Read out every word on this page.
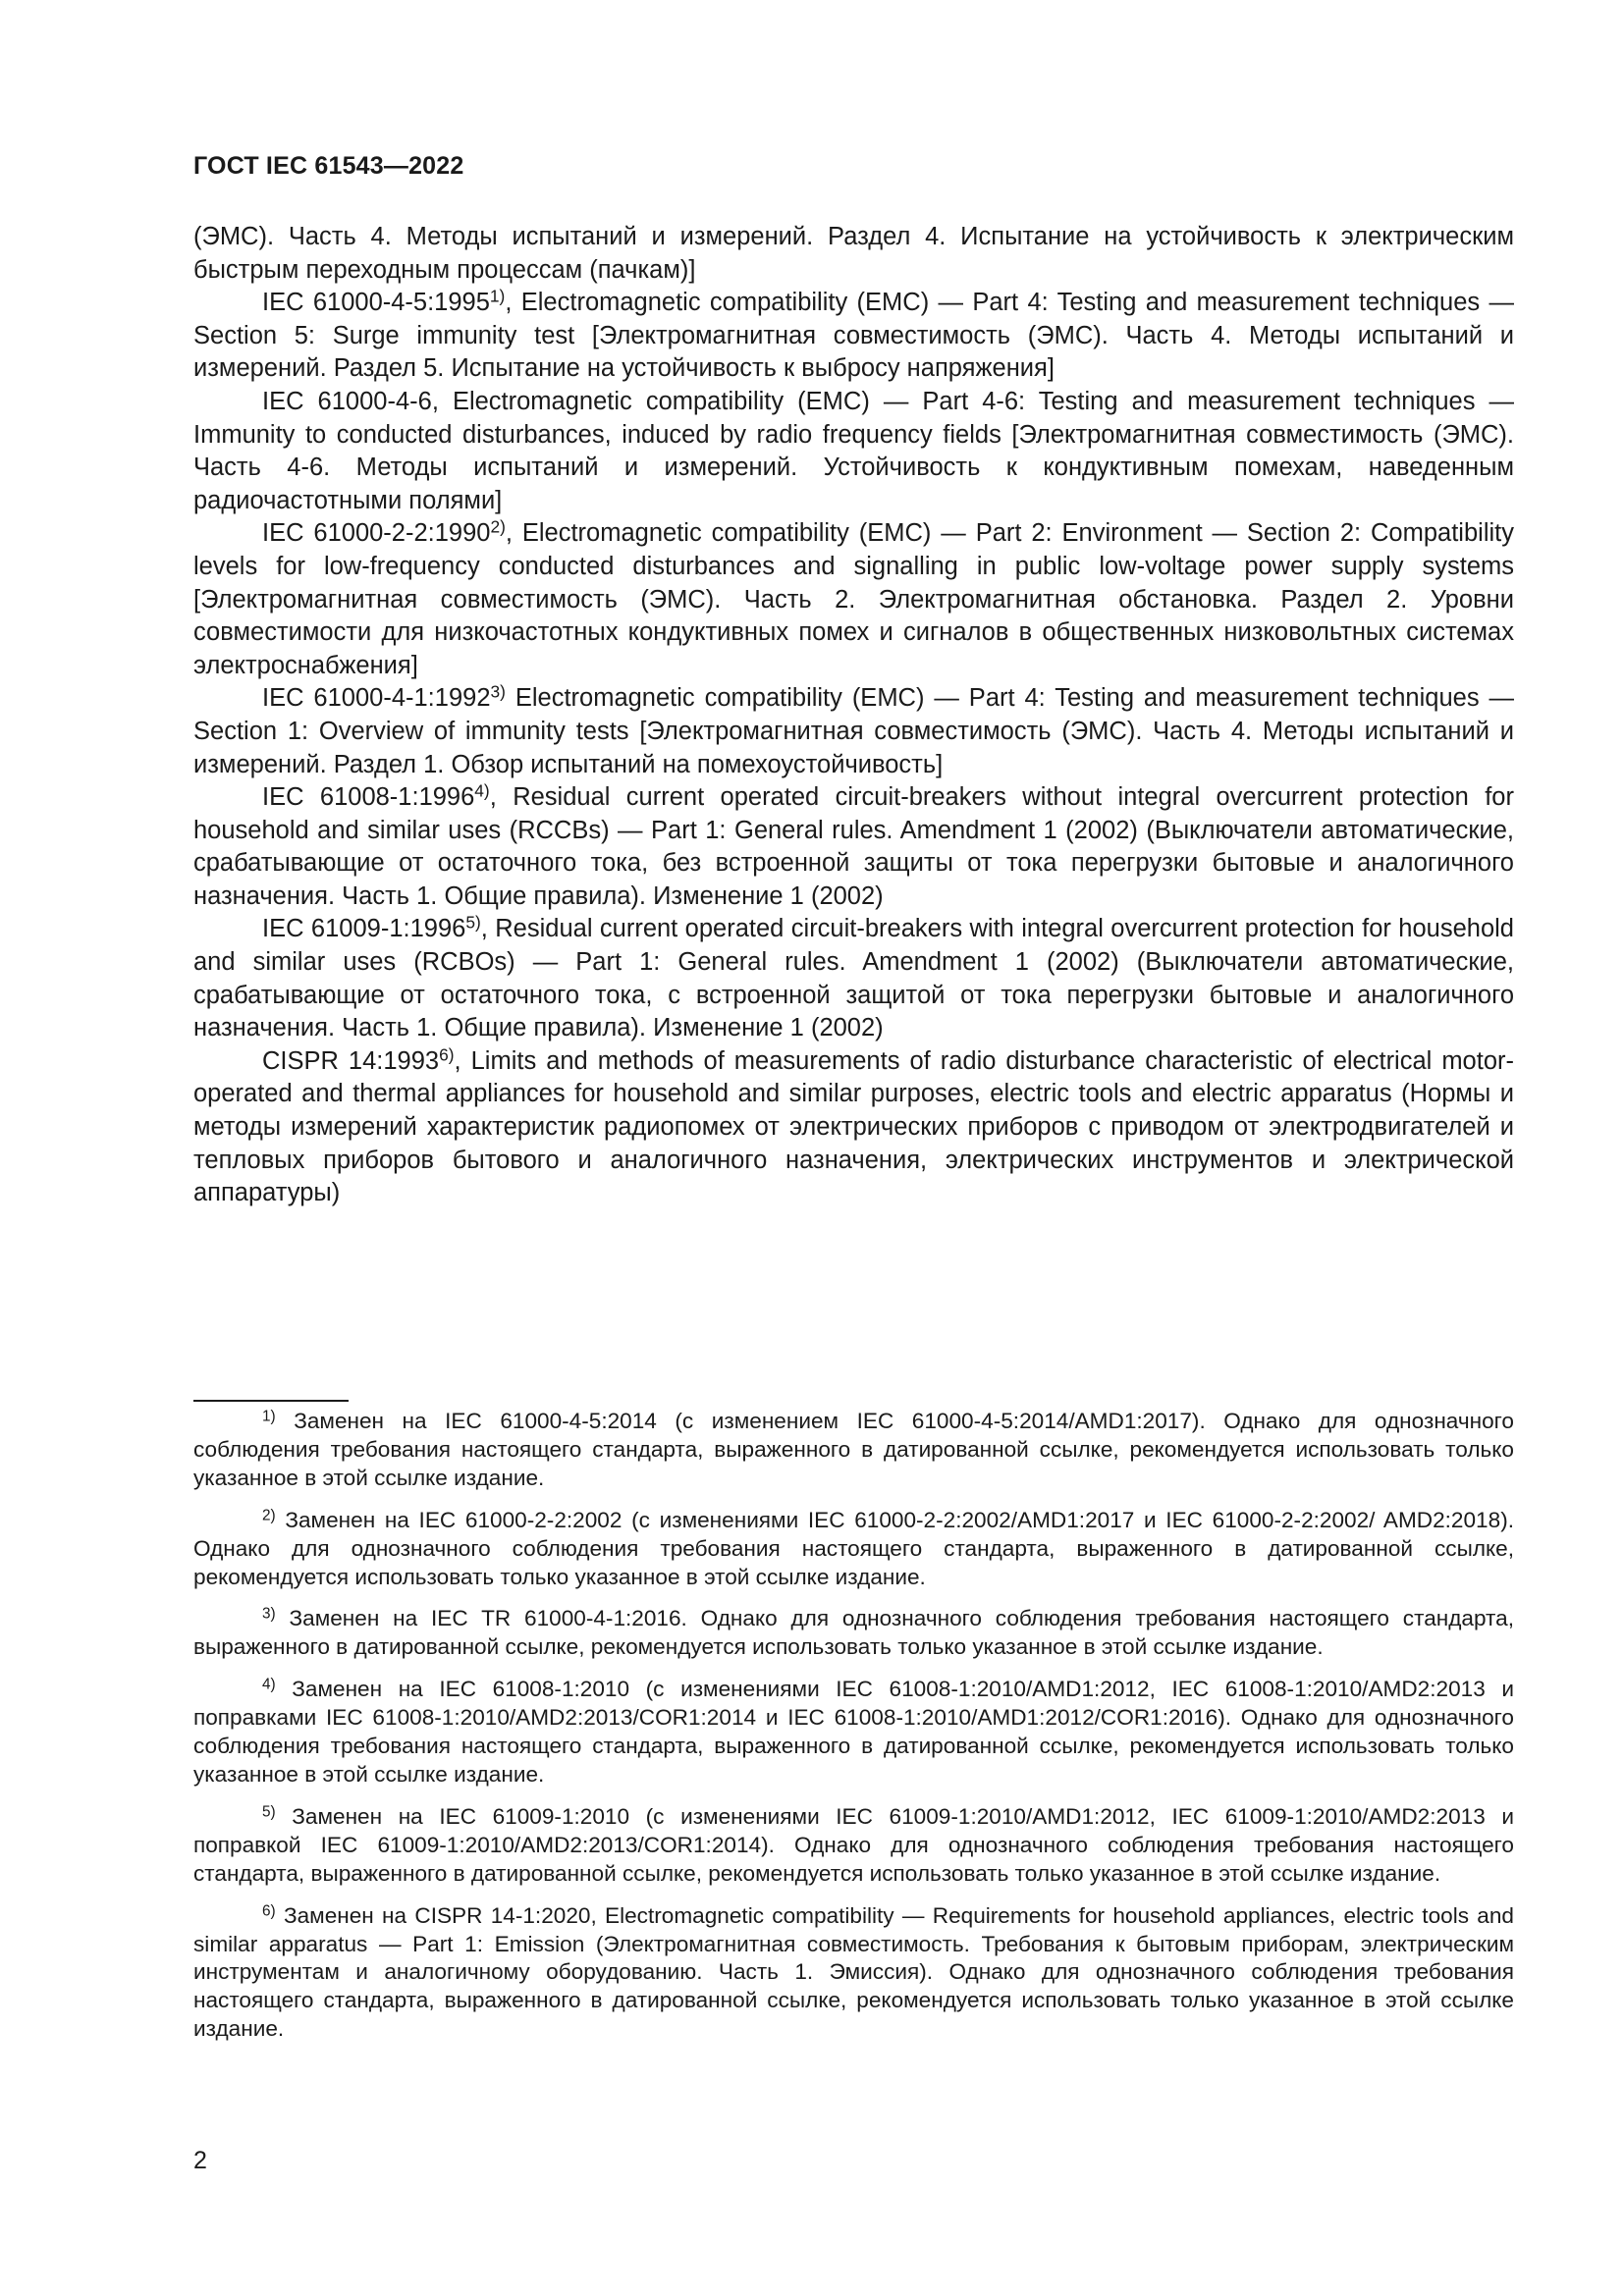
ГОСТ IEC 61543—2022

(ЭМС). Часть 4. Методы испытаний и измерений. Раздел 4. Испытание на устойчивость к электрическим быстрым переходным процессам (пачкам)]

IEC 61000-4-5:1995$^{1)}$, Electromagnetic compatibility (EMC) — Part 4: Testing and measurement techniques — Section 5: Surge immunity test [Электромагнитная совместимость (ЭМС). Часть 4. Методы испытаний и измерений. Раздел 5. Испытание на устойчивость к выбросу напряжения]

IEC 61000-4-6, Electromagnetic compatibility (EMC) — Part 4-6: Testing and measurement techniques — Immunity to conducted disturbances, induced by radio frequency fields [Электромагнитная совместимость (ЭМС). Часть 4-6. Методы испытаний и измерений. Устойчивость к кондуктивным помехам, наведенным радиочастотными полями]

IEC 61000-2-2:1990$^{2)}$, Electromagnetic compatibility (EMC) — Part 2: Environment — Section 2: Compatibility levels for low-frequency conducted disturbances and signalling in public low-voltage power supply systems [Электромагнитная совместимость (ЭМС). Часть 2. Электромагнитная обстановка. Раздел 2. Уровни совместимости для низкочастотных кондуктивных помех и сигналов в общественных низковольтных системах электроснабжения]

IEC 61000-4-1:1992$^{3)}$ Electromagnetic compatibility (EMC) — Part 4: Testing and measurement techniques — Section 1: Overview of immunity tests [Электромагнитная совместимость (ЭМС). Часть 4. Методы испытаний и измерений. Раздел 1. Обзор испытаний на помехоустойчивость]

IEC 61008-1:1996$^{4)}$, Residual current operated circuit-breakers without integral overcurrent protection for household and similar uses (RCCBs) — Part 1: General rules. Amendment 1 (2002) (Выключатели автоматические, срабатывающие от остаточного тока, без встроенной защиты от тока перегрузки бытовые и аналогичного назначения. Часть 1. Общие правила). Изменение 1 (2002)

IEC 61009-1:1996$^{5)}$, Residual current operated circuit-breakers with integral overcurrent protection for household and similar uses (RCBOs) — Part 1: General rules. Amendment 1 (2002) (Выключатели автоматические, срабатывающие от остаточного тока, с встроенной защитой от тока перегрузки бытовые и аналогичного назначения. Часть 1. Общие правила). Изменение 1 (2002)

CISPR 14:1993$^{6)}$, Limits and methods of measurements of radio disturbance characteristic of electrical motor-operated and thermal appliances for household and similar purposes, electric tools and electric apparatus (Нормы и методы измерений характеристик радиопомех от электрических приборов с приводом от электродвигателей и тепловых приборов бытового и аналогичного назначения, электрических инструментов и электрической аппаратуры)

$^{1)}$ Заменен на IEC 61000-4-5:2014 (с изменением IEC 61000-4-5:2014/AMD1:2017). Однако для однозначного соблюдения требования настоящего стандарта, выраженного в датированной ссылке, рекомендуется использовать только указанное в этой ссылке издание.

$^{2)}$ Заменен на IEC 61000-2-2:2002 (с изменениями IEC 61000-2-2:2002/AMD1:2017 и IEC 61000-2-2:2002/ AMD2:2018). Однако для однозначного соблюдения требования настоящего стандарта, выраженного в датированной ссылке, рекомендуется использовать только указанное в этой ссылке издание.

$^{3)}$ Заменен на IEC TR 61000-4-1:2016. Однако для однозначного соблюдения требования настоящего стандарта, выраженного в датированной ссылке, рекомендуется использовать только указанное в этой ссылке издание.

$^{4)}$ Заменен на IEC 61008-1:2010 (с изменениями IEC 61008-1:2010/AMD1:2012, IEC 61008-1:2010/AMD2:2013 и поправками IEC 61008-1:2010/AMD2:2013/COR1:2014 и IEC 61008-1:2010/AMD1:2012/COR1:2016). Однако для однозначного соблюдения требования настоящего стандарта, выраженного в датированной ссылке, рекомендуется использовать только указанное в этой ссылке издание.

$^{5)}$ Заменен на IEC 61009-1:2010 (с изменениями IEC 61009-1:2010/AMD1:2012, IEC 61009-1:2010/AMD2:2013 и поправкой IEC 61009-1:2010/AMD2:2013/COR1:2014). Однако для однозначного соблюдения требования настоящего стандарта, выраженного в датированной ссылке, рекомендуется использовать только указанное в этой ссылке издание.

$^{6)}$ Заменен на CISPR 14-1:2020, Electromagnetic compatibility — Requirements for household appliances, electric tools and similar apparatus — Part 1: Emission (Электромагнитная совместимость. Требования к бытовым приборам, электрическим инструментам и аналогичному оборудованию. Часть 1. Эмиссия). Однако для однозначного соблюдения требования настоящего стандарта, выраженного в датированной ссылке, рекомендуется использовать только указанное в этой ссылке издание.

2
